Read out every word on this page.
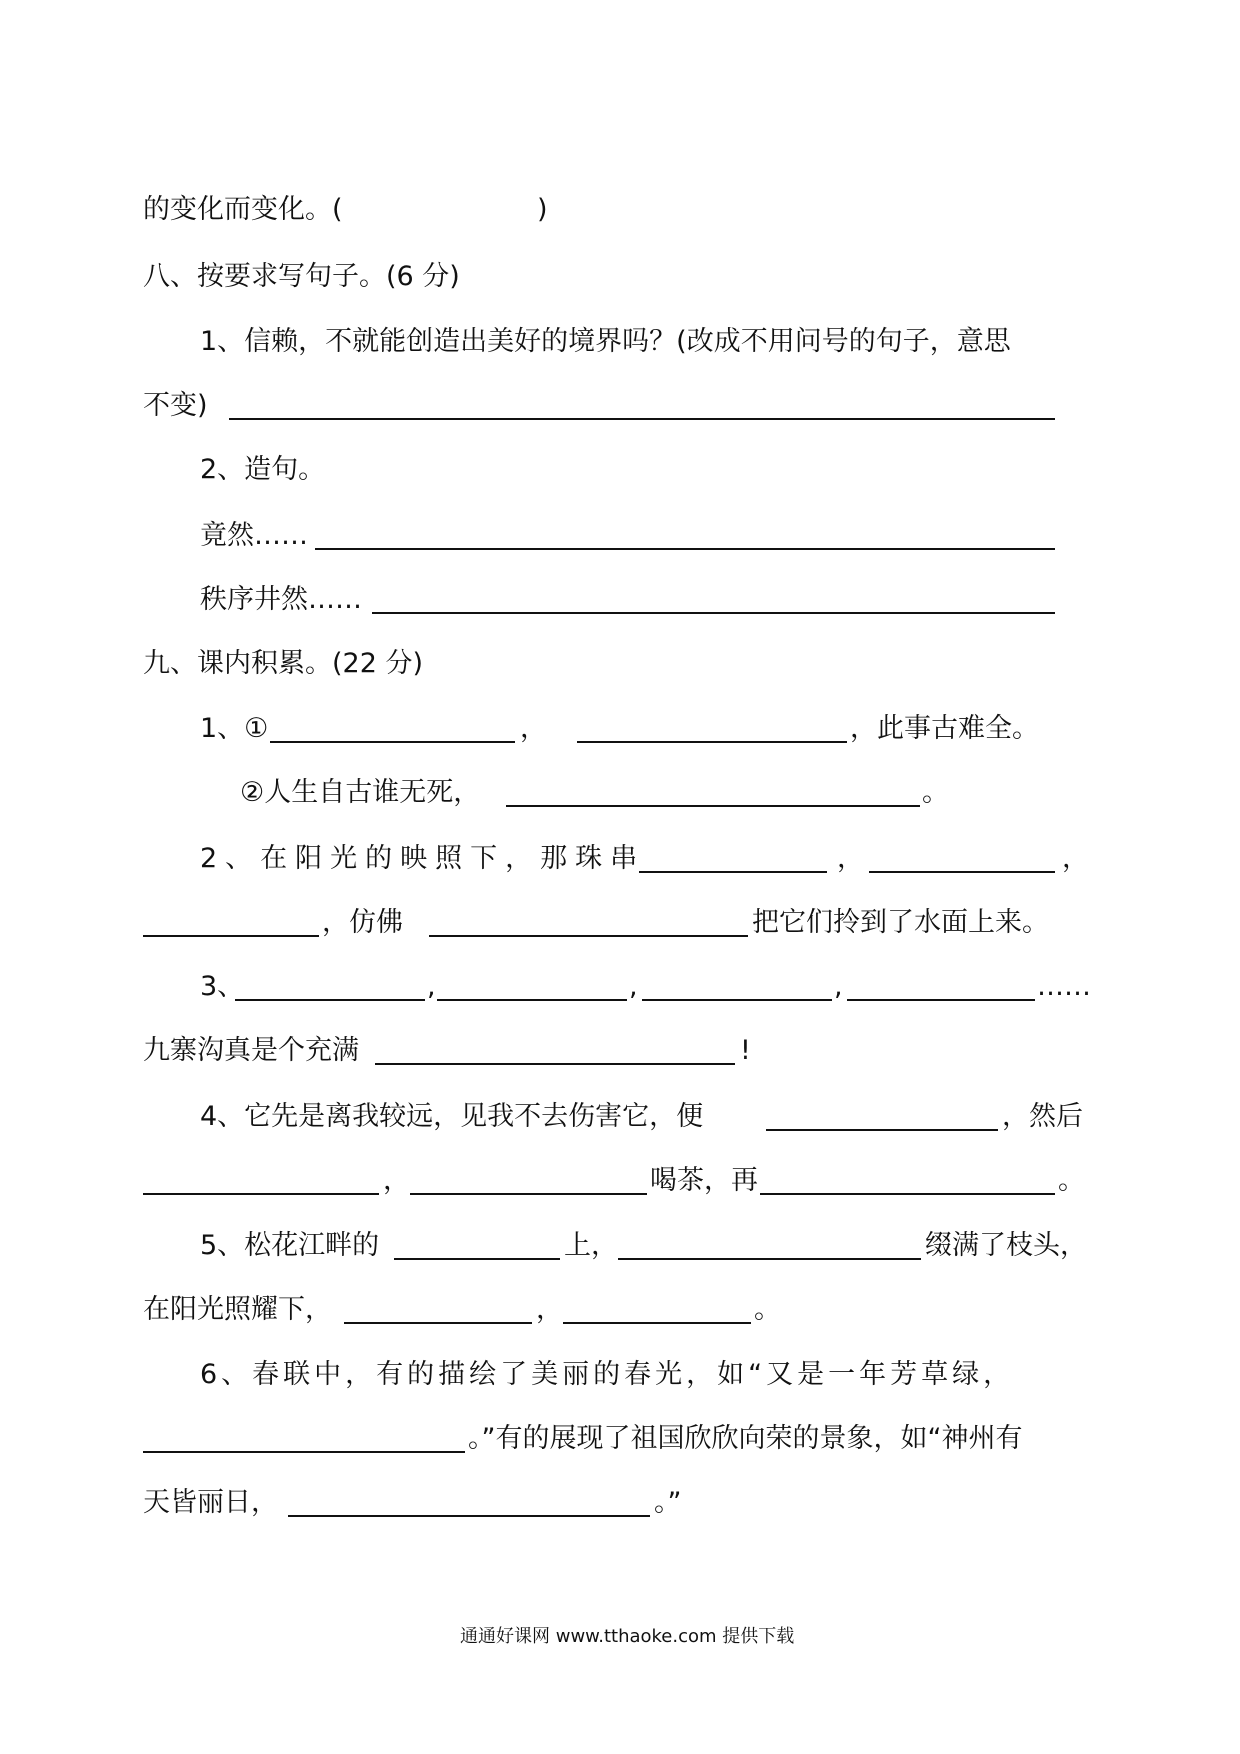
的变化而变化。(	)
八、按要求写句子。(6 分)
1、信赖，不就能创造出美好的境界吗？(改成不用问号的句子，意思
不变)
2、造句。
竟然……
秩序井然……
九、课内积累。(22 分)
1、①	，	，此事古难全。
②人生自古谁无死，	。
2、在阳光的映照下，那珠串	，	，
，仿佛	把它们拎到了水面上来。
3、	,	,	,	……
九寨沟真是个充满	!
4、它先是离我较远，见我不去伤害它，便	，然后
，	喝茶，再	。
5、松花江畔的	上，	缀满了枝头，
在阳光照耀下，	，	。
6、春联中，有的描绘了美丽的春光，如“又是一年芳草绿，
。”有的展现了祖国欣欣向荣的景象，如“神州有
天皆丽日，	。”
通通好课网 www.tthaoke.com 提供下载
